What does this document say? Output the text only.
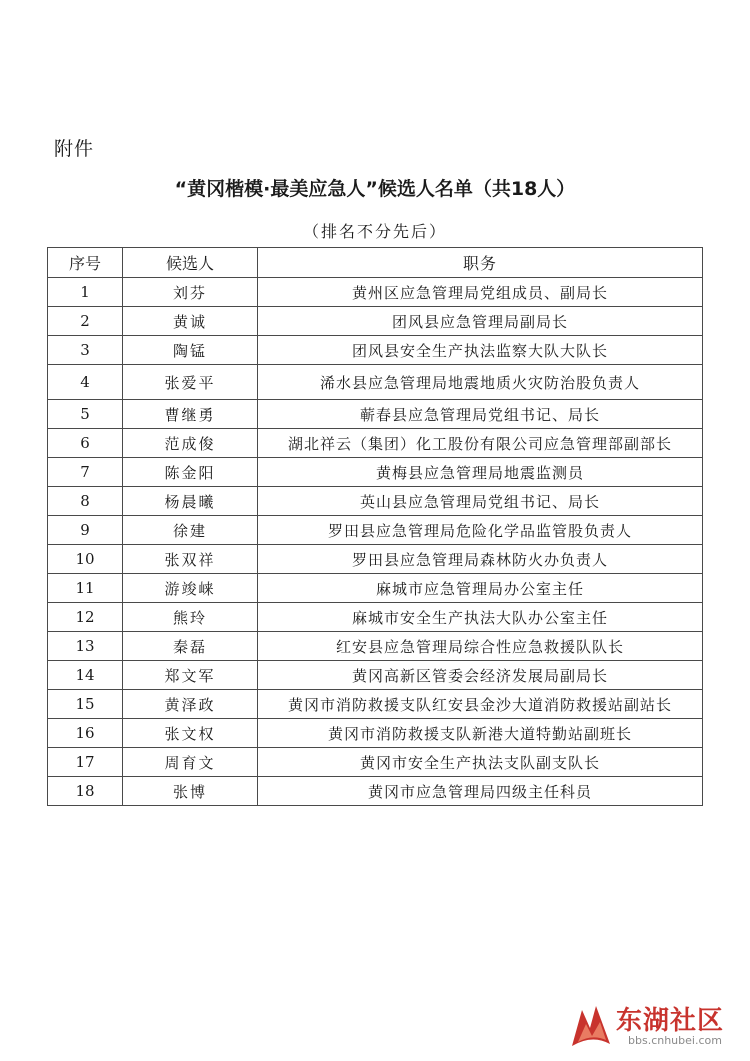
附件
“黄冈楷模·最美应急人”候选人名单（共18人）
（排名不分先后）
序号	候选人	职务
1	刘芬	黄州区应急管理局党组成员、副局长
2	黄诚	团风县应急管理局副局长
3	陶锰	团风县安全生产执法监察大队大队长
4	张爱平	浠水县应急管理局地震地质火灾防治股负责人
5	曹继勇	蕲春县应急管理局党组书记、局长
6	范成俊	湖北祥云（集团）化工股份有限公司应急管理部副部长
7	陈金阳	黄梅县应急管理局地震监测员
8	杨晨曦	英山县应急管理局党组书记、局长
9	徐建	罗田县应急管理局危险化学品监管股负责人
10	张双祥	罗田县应急管理局森林防火办负责人
11	游竣崃	麻城市应急管理局办公室主任
12	熊玲	麻城市安全生产执法大队办公室主任
13	秦磊	红安县应急管理局综合性应急救援队队长
14	郑文军	黄冈高新区管委会经济发展局副局长
15	黄泽政	黄冈市消防救援支队红安县金沙大道消防救援站副站长
16	张文权	黄冈市消防救援支队新港大道特勤站副班长
17	周育文	黄冈市安全生产执法支队副支队长
18	张博	黄冈市应急管理局四级主任科员
东湖社区
bbs.cnhubei.com
